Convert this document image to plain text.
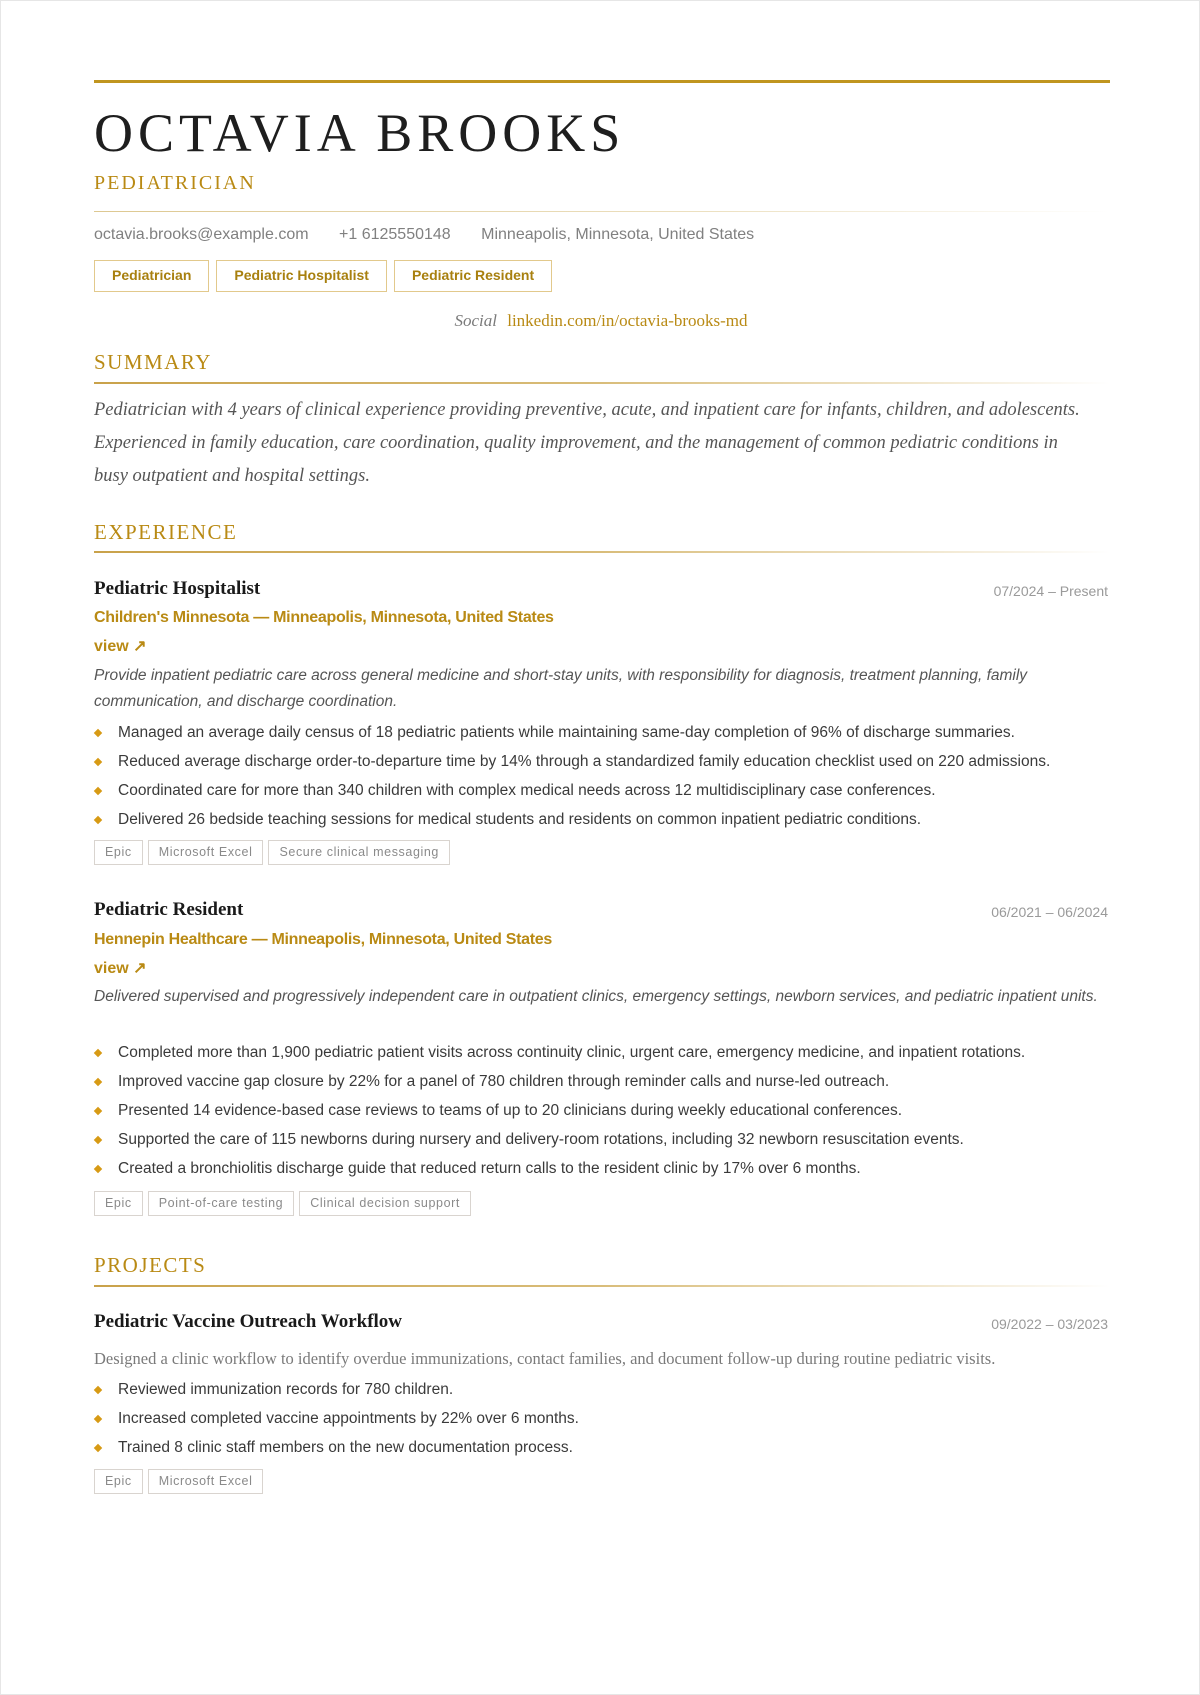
OCTAVIA BROOKS
PEDIATRICIAN
octavia.brooks@example.com +1 6125550148 Minneapolis, Minnesota, United States
Pediatrician	Pediatric Hospitalist	Pediatric Resident
Social linkedin.com/in/octavia-brooks-md
SUMMARY

Pediatrician with 4 years of clinical experience providing preventive, acute, and inpatient care for infants, children, and adolescents. Experienced in family education, care coordination, quality improvement, and the management of common pediatric conditions in busy outpatient and hospital settings.

EXPERIENCE
Pediatric Hospitalist	07/2024 – Present
Children's Minnesota — Minneapolis, Minnesota, United States
view ↗

Provide inpatient pediatric care across general medicine and short-stay units, with responsibility for diagnosis, treatment planning, family communication, and discharge coordination.

Managed an average daily census of 18 pediatric patients while maintaining same-day completion of 96% of discharge summaries.
Reduced average discharge order-to-departure time by 14% through a standardized family education checklist used on 220 admissions.
Coordinated care for more than 340 children with complex medical needs across 12 multidisciplinary case conferences.
Delivered 26 bedside teaching sessions for medical students and residents on common inpatient pediatric conditions.
Epic	Microsoft Excel	Secure clinical messaging
Pediatric Resident	06/2021 – 06/2024
Hennepin Healthcare — Minneapolis, Minnesota, United States
view ↗

Delivered supervised and progressively independent care in outpatient clinics, emergency settings, newborn services, and pediatric inpatient units.

Completed more than 1,900 pediatric patient visits across continuity clinic, urgent care, emergency medicine, and inpatient rotations.
Improved vaccine gap closure by 22% for a panel of 780 children through reminder calls and nurse-led outreach.
Presented 14 evidence-based case reviews to teams of up to 20 clinicians during weekly educational conferences.
Supported the care of 115 newborns during nursery and delivery-room rotations, including 32 newborn resuscitation events.
Created a bronchiolitis discharge guide that reduced return calls to the resident clinic by 17% over 6 months.
Epic	Point-of-care testing	Clinical decision support
PROJECTS
Pediatric Vaccine Outreach Workflow	09/2022 – 03/2023

Designed a clinic workflow to identify overdue immunizations, contact families, and document follow-up during routine pediatric visits.

Reviewed immunization records for 780 children.
Increased completed vaccine appointments by 22% over 6 months.
Trained 8 clinic staff members on the new documentation process.
Epic	Microsoft Excel
